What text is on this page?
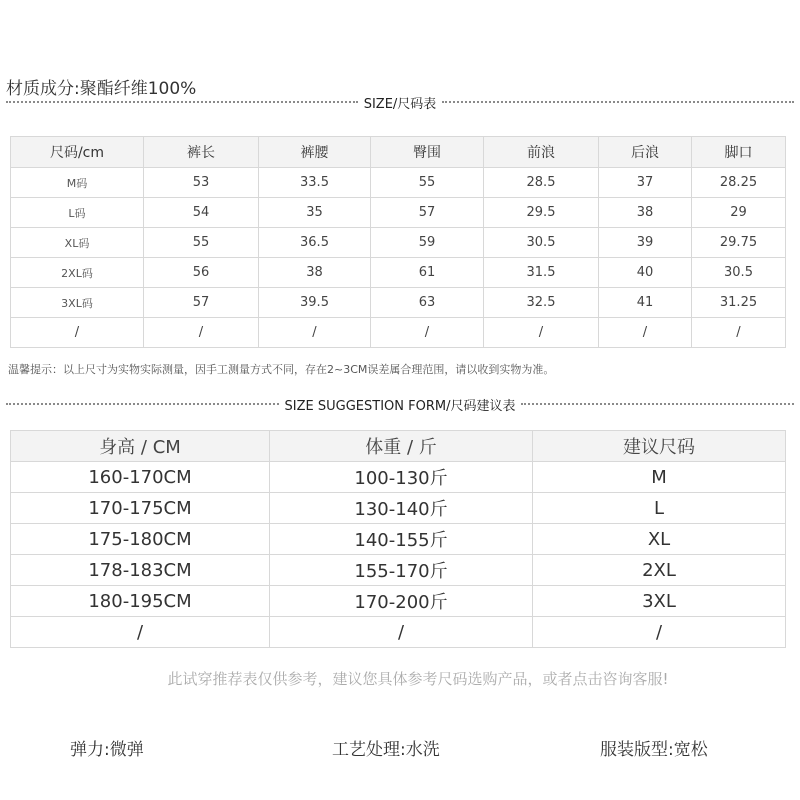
材质成分:聚酯纤维100%
SIZE/尺码表
尺码/cm	裤长	裤腰	臀围	前浪	后浪	脚口
M码	53	33.5	55	28.5	37	28.25
L码	54	35	57	29.5	38	29
XL码	55	36.5	59	30.5	39	29.75
2XL码	56	38	61	31.5	40	30.5
3XL码	57	39.5	63	32.5	41	31.25
/	/	/	/	/	/	/
温馨提示：以上尺寸为实物实际测量，因手工测量方式不同，存在2~3CM误差属合理范围，请以收到实物为准。
SIZE SUGGESTION FORM/尺码建议表
身高 / CM	体重 / 斤	建议尺码
160-170CM	100-130斤	M
170-175CM	130-140斤	L
175-180CM	140-155斤	XL
178-183CM	155-170斤	2XL
180-195CM	170-200斤	3XL
/	/	/
此试穿推荐表仅供参考，建议您具体参考尺码选购产品，或者点击咨询客服!
弹力:微弹	工艺处理:水洗	服装版型:宽松
